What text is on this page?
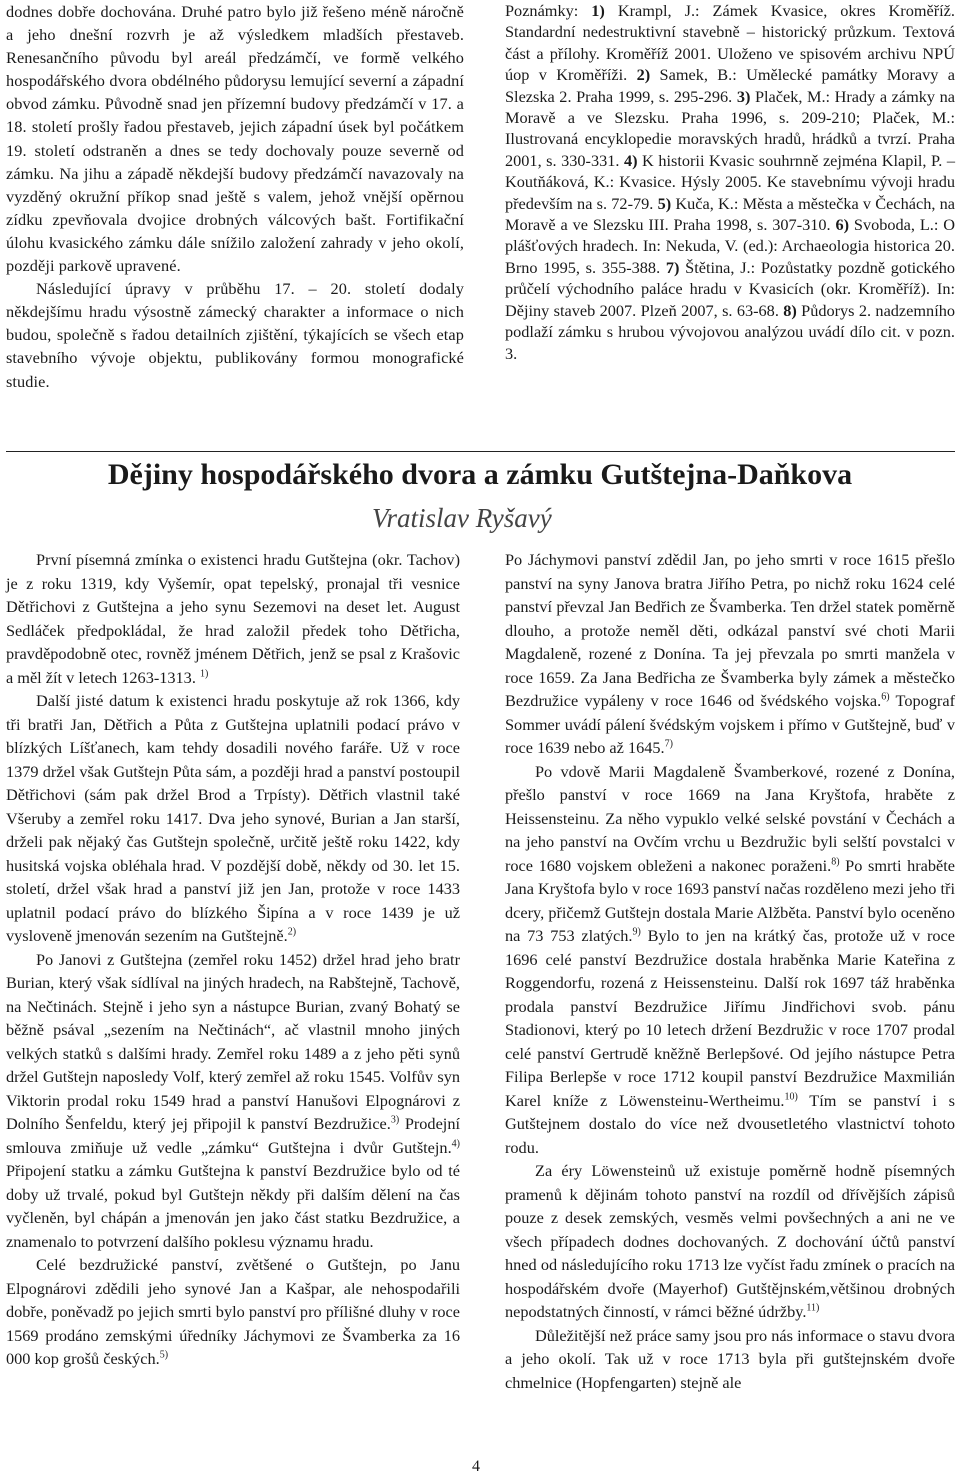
dodnes dobře dochována. Druhé patro bylo již řešeno méně náročně a jeho dnešní rozvrh je až výsledkem mladších přestaveb. Renesančního původu byl areál předzámčí, ve formě velkého hospodářského dvora obdélného půdorysu lemující severní a západní obvod zámku. Původně snad jen přízemní budovy předzámčí v 17. a 18. století prošly řadou přestaveb, jejich západní úsek byl počátkem 19. století odstraněn a dnes se tedy dochovaly pouze severně od zámku. Na jihu a západě někdejší budovy předzámčí navazovaly na vyzděný okružní příkop snad ještě s valem, jehož vnější opěrnou zídku zpevňovala dvojice drobných válcových bašt. Fortifikační úlohu kvasického zámku dále snížilo založení zahrady v jeho okolí, později parkově upravené.

Následující úpravy v průběhu 17. – 20. století dodaly někdejšímu hradu výsostně zámecký charakter a informace o nich budou, společně s řadou detailních zjištění, týkajících se všech etap stavebního vývoje objektu, publikovány formou monografické studie.

Poznámky: 1) Krampl, J.: Zámek Kvasice, okres Kroměříž. Standardní nedestruktivní stavebně – historický průzkum. Textová část a přílohy. Kroměříž 2001. Uloženo ve spisovém archivu NPÚ úop v Kroměříži. 2) Samek, B.: Umělecké památky Moravy a Slezska 2. Praha 1999, s. 295-296. 3) Plaček, M.: Hrady a zámky na Moravě a ve Slezsku. Praha 1996, s. 209-210; Plaček, M.: Ilustrovaná encyklopedie moravských hradů, hrádků a tvrzí. Praha 2001, s. 330-331. 4) K historii Kvasic souhrnně zejména Klapil, P. – Koutňáková, K.: Kvasice. Hýsly 2005. Ke stavebnímu vývoji hradu především na s. 72-79. 5) Kuča, K.: Města a městečka v Čechách, na Moravě a ve Slezsku III. Praha 1998, s. 307-310. 6) Svoboda, L.: O plášťových hradech. In: Nekuda, V. (ed.): Archaeologia historica 20. Brno 1995, s. 355-388. 7) Štětina, J.: Pozůstatky pozdně gotického průčelí východního paláce hradu v Kvasicích (okr. Kroměříž). In: Dějiny staveb 2007. Plzeň 2007, s. 63-68. 8) Půdorys 2. nadzemního podlaží zámku s hrubou vývojovou analýzou uvádí dílo cit. v pozn. 3.

Dějiny hospodářského dvora a zámku Gutštejna-Daňkova
Vratislav Ryšavý

První písemná zmínka o existenci hradu Gutštejna (okr. Tachov) je z roku 1319, kdy Vyšemír, opat tepelský, pronajal tři vesnice Dětřichovi z Gutštejna a jeho synu Sezemovi na deset let. August Sedláček předpokládal, že hrad založil předek toho Dětřicha, pravděpodobně otec, rovněž jménem Dětřich, jenž se psal z Krašovic a měl žít v letech 1263-1313. $^{1)}$

Další jisté datum k existenci hradu poskytuje až rok 1366, kdy tři bratři Jan, Dětřich a Půta z Gutštejna uplatnili podací právo v blízkých Líšťanech, kam tehdy dosadili nového faráře. Už v roce 1379 držel však Gutštejn Půta sám, a později hrad a panství postoupil Dětřichovi (sám pak držel Brod a Trpísty). Dětřich vlastnil také Všeruby a zemřel roku 1417. Dva jeho synové, Burian a Jan starší, drželi pak nějaký čas Gutštejn společně, určitě ještě roku 1422, kdy husitská vojska obléhala hrad. V pozdější době, někdy od 30. let 15. století, držel však hrad a panství již jen Jan, protože v roce 1433 uplatnil podací právo do blízkého Šipína a v roce 1439 je už vysloveně jmenován sezením na Gutštejně.$^{2)}$

Po Janovi z Gutštejna (zemřel roku 1452) držel hrad jeho bratr Burian, který však sídlíval na jiných hradech, na Rabštejně, Tachově, na Nečtinách. Stejně i jeho syn a nástupce Burian, zvaný Bohatý se běžně psával „sezením na Nečtinách“, ač vlastnil mnoho jiných velkých statků s dalšími hrady. Zemřel roku 1489 a z jeho pěti synů držel Gutštejn naposledy Volf, který zemřel až roku 1545. Volfův syn Viktorin prodal roku 1549 hrad a panství Hanušovi Elpognárovi z Dolního Šenfeldu, který jej připojil k panství Bezdružice.$^{3)}$ Prodejní smlouva zmiňuje už vedle „zámku“ Gutštejna i dvůr Gutštejn.$^{4)}$ Připojení statku a zámku Gutštejna k panství Bezdružice bylo od té doby už trvalé, pokud byl Gutštejn někdy při dalším dělení na čas vyčleněn, byl chápán a jmenován jen jako část statku Bezdružice, a znamenalo to potvrzení dalšího poklesu významu hradu.

Celé bezdružické panství, zvětšené o Gutštejn, po Janu Elpognárovi zdědili jeho synové Jan a Kašpar, ale nehospodařili dobře, poněvadž po jejich smrti bylo panství pro přílišné dluhy v roce 1569 prodáno zemskými úředníky Jáchymovi ze Švamberka za 16 000 kop grošů českých.$^{5)}$

Po Jáchymovi panství zdědil Jan, po jeho smrti v roce 1615 přešlo panství na syny Janova bratra Jiřího Petra, po nichž roku 1624 celé panství převzal Jan Bedřich ze Švamberka. Ten držel statek poměrně dlouho, a protože neměl děti, odkázal panství své choti Marii Magdaleně, rozené z Donína. Ta jej převzala po smrti manžela v roce 1659. Za Jana Bedřicha ze Švamberka byly zámek a městečko Bezdružice vypáleny v roce 1646 od švédského vojska.$^{6)}$ Topograf Sommer uvádí pálení švédským vojskem i přímo v Gutštejně, buď v roce 1639 nebo až 1645.$^{7)}$

Po vdově Marii Magdaleně Švamberkové, rozené z Donína, přešlo panství v roce 1669 na Jana Kryštofa, hraběte z Heissensteinu. Za něho vypuklo velké selské povstání v Čechách a na jeho panství na Ovčím vrchu u Bezdružic byli selští povstalci v roce 1680 vojskem obleženi a nakonec poraženi.$^{8)}$ Po smrti hraběte Jana Kryštofa bylo v roce 1693 panství načas rozděleno mezi jeho tři dcery, přičemž Gutštejn dostala Marie Alžběta. Panství bylo oceněno na 73 753 zlatých.$^{9)}$ Bylo to jen na krátký čas, protože už v roce 1696 celé panství Bezdružice dostala hraběnka Marie Kateřina z Roggendorfu, rozená z Heissensteinu. Další rok 1697 táž hraběnka prodala panství Bezdružice Jiřímu Jindřichovi svob. pánu Stadionovi, který po 10 letech držení Bezdružic v roce 1707 prodal celé panství Gertrudě kněžně Berlepšové. Od jejího nástupce Petra Filipa Berlepše v roce 1712 koupil panství Bezdružice Maxmilián Karel kníže z Löwensteinu-Wertheimu.$^{10)}$ Tím se panství i s Gutštejnem dostalo do více než dvousetletého vlastnictví tohoto rodu.

Za éry Löwensteinů už existuje poměrně hodně písemných pramenů k dějinám tohoto panství na rozdíl od dřívějších zápisů pouze z desek zemských, vesměs velmi povšechných a ani ne ve všech případech dodnes dochovaných. Z dochování účtů panství hned od následujícího roku 1713 lze vyčíst řadu zmínek o pracích na hospodářském dvoře (Mayerhof) Gutštějnském,většinou drobných nepodstatných činností, v rámci běžné údržby.$^{11)}$

Důležitější než práce samy jsou pro nás informace o stavu dvora a jeho okolí. Tak už v roce 1713 byla při gutštejnském dvoře chmelnice (Hopfengarten) stejně ale

4
